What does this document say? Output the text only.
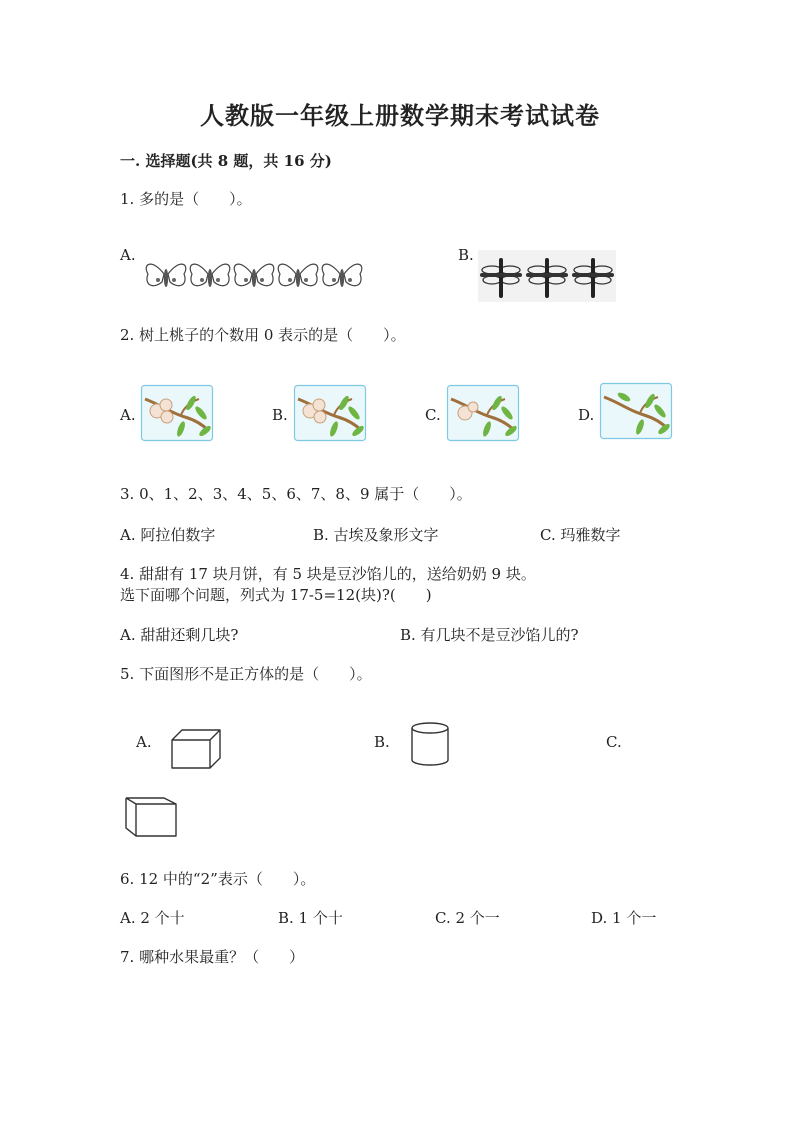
人教版一年级上册数学期末考试试卷
一. 选择题(共 8 题，共 16 分)
1. 多的是（　　）。
A.	B.
2. 树上桃子的个数用 0 表示的是（　　）。
A.	B.	C.	D.
3. 0、1、2、3、4、5、6、7、8、9 属于（　　）。
A. 阿拉伯数字	B. 古埃及象形文字	C. 玛雅数字
4. 甜甜有 17 块月饼，有 5 块是豆沙馅儿的，送给奶奶 9 块。
选下面哪个问题，列式为 17-5=12(块)?(　　)
A. 甜甜还剩几块?	B. 有几块不是豆沙馅儿的?
5. 下面图形不是正方体的是（　　）。
A.	B.	C.
6. 12 中的“2”表示（　　）。
A. 2 个十	B. 1 个十	C. 2 个一	D. 1 个一
7. 哪种水果最重？（　　）
